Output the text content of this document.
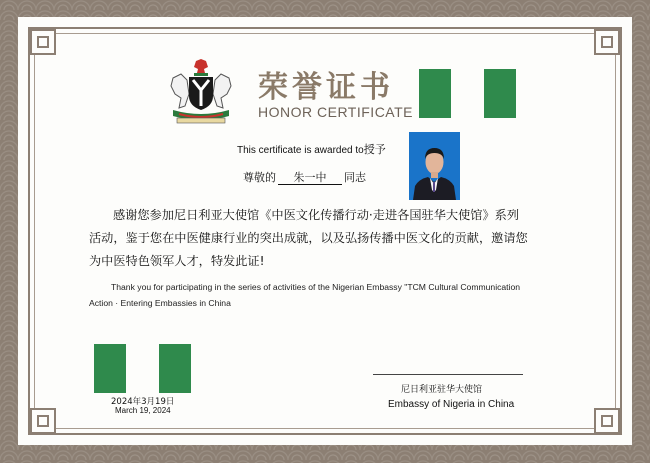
荣誉证书
HONOR CERTIFICATE
This certificate is awarded to授予
尊敬的 朱一中 同志
感谢您参加尼日利亚大使馆《中医文化传播行动·走进各国驻华大使馆》系列
活动，鉴于您在中医健康行业的突出成就，以及弘扬传播中医文化的贡献，邀请您
为中医特色领军人才，特发此证!
Thank you for participating in the series of activities of the Nigerian Embassy "TCM Cultural Communication
Action · Entering Embassies in China
2024年3月19日
March 19, 2024
尼日利亚驻华大使馆
Embassy of Nigeria in China
